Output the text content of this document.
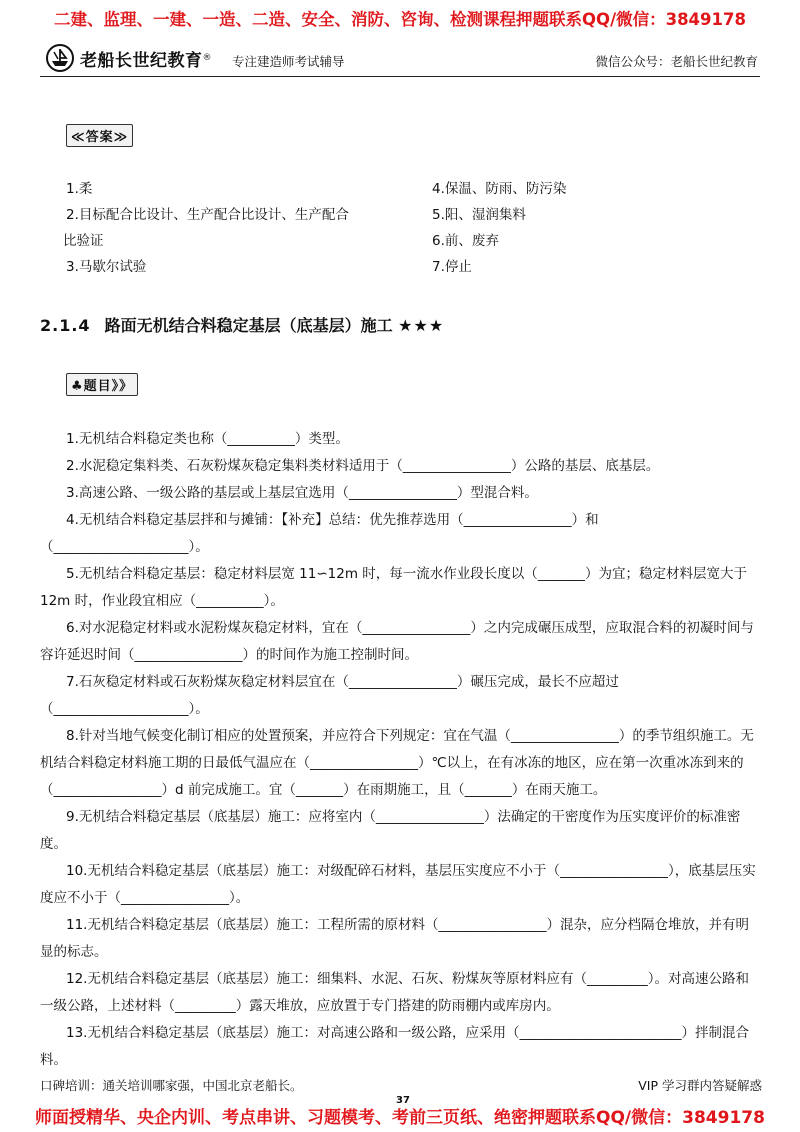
二建、监理、一建、一造、二造、安全、消防、咨询、检测课程押题联系QQ/微信：3849178
老船长世纪教育 ® 专注建造师考试辅导	微信公众号：老船长世纪教育
≪答案≫
1.柔
2.目标配合比设计、生产配合比设计、生产配合
比验证
3.马歇尔试验
4.保温、防雨、防污染
5.阳、湿润集料
6.前、废弃
7.停止
2.1.4 路面无机结合料稳定基层（底基层）施工 ★★★
♣题目》》

1.无机结合料稳定类也称（__________）类型。

2.水泥稳定集料类、石灰粉煤灰稳定集料类材料适用于（________________）公路的基层、底基层。

3.高速公路、一级公路的基层或上基层宜选用（________________）型混合料。

4.无机结合料稳定基层拌和与摊铺：【补充】总结：优先推荐选用（________________）和（____________________）。

5.无机结合料稳定基层：稳定材料层宽 11∽12m 时，每一流水作业段长度以（_______）为宜；稳定材料层宽大于 12m 时，作业段宜相应（__________）。

6.对水泥稳定材料或水泥粉煤灰稳定材料，宜在（________________）之内完成碾压成型，应取混合料的初凝时间与容许延迟时间（________________）的时间作为施工控制时间。

7.石灰稳定材料或石灰粉煤灰稳定材料层宜在（________________）碾压完成，最长不应超过（____________________）。

8.针对当地气候变化制订相应的处置预案，并应符合下列规定：宜在气温（________________）的季节组织施工。无机结合料稳定材料施工期的日最低气温应在（________________）℃以上，在有冰冻的地区，应在第一次重冰冻到来的（________________）d 前完成施工。宜（_______）在雨期施工，且（_______）在雨天施工。

9.无机结合料稳定基层（底基层）施工：应将室内（________________）法确定的干密度作为压实度评价的标准密度。

10.无机结合料稳定基层（底基层）施工：对级配碎石材料，基层压实度应不小于（________________），底基层压实度应不小于（________________）。

11.无机结合料稳定基层（底基层）施工：工程所需的原材料（________________）混杂，应分档隔仓堆放，并有明显的标志。

12.无机结合料稳定基层（底基层）施工：细集料、水泥、石灰、粉煤灰等原材料应有（_________）。对高速公路和一级公路，上述材料（_________）露天堆放，应放置于专门搭建的防雨棚内或库房内。

13.无机结合料稳定基层（底基层）施工：对高速公路和一级公路，应采用（________________________）拌制混合料。

口碑培训：通关培训哪家强，中国北京老船长。	VIP 学习群内答疑解惑
37
师面授精华、央企内训、考点串讲、习题模考、考前三页纸、绝密押题联系QQ/微信：3849178
